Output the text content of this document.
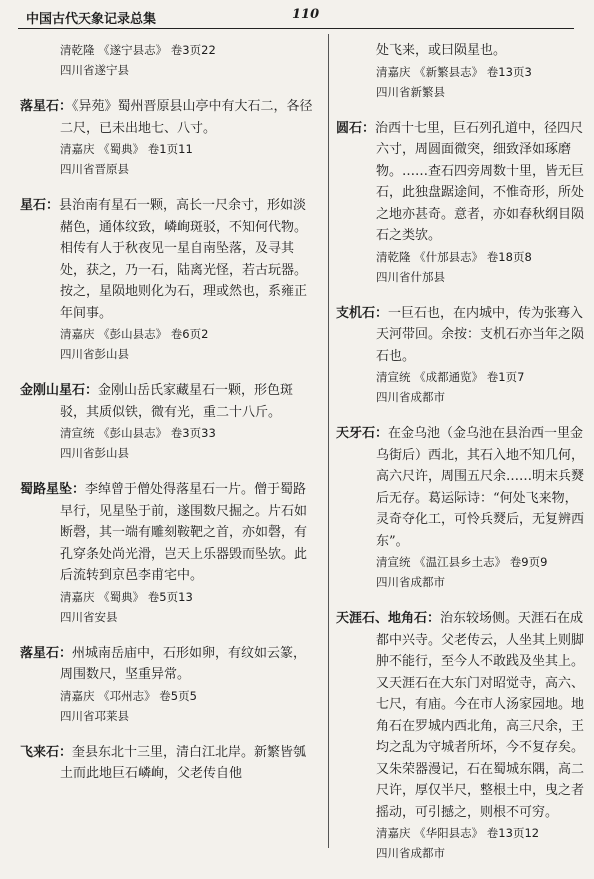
中国古代天象记录总集	110

清乾隆 《遂宁县志》 卷3页22

四川省遂宁县

落星石：《异苑》蜀州晋原县山亭中有大石二，各径二尺，已未出地七、八寸。

清嘉庆 《蜀典》 卷1页11

四川省晋原县

星石：县治南有星石一颗，高长一尺余寸，形如淡赭色，通体纹致，嶙峋斑驳，不知何代物。相传有人于秋夜见一星自南坠落，及寻其处，获之，乃一石，陆离光怪，若古玩器。按之，星陨地则化为石，理或然也，系雍正年间事。

清嘉庆 《彭山县志》 卷6页2

四川省彭山县

金刚山星石：金刚山岳氏家藏星石一颗，形色斑驳，其质似铁，微有光，重二十八斤。

清宣统 《彭山县志》 卷3页33

四川省彭山县

蜀路星坠：李绰曾于僧处得落星石一片。僧于蜀路早行，见星坠于前，遂围数尺掘之。片石如断磬，其一端有雕刻鞍靶之首，亦如磬，有孔穿条处尚光滑，岂天上乐器毁而坠欤。此后流转到京邑李甫宅中。

清嘉庆 《蜀典》 卷5页13

四川省安县

落星石：州城南岳庙中，石形如卵，有纹如云篆，周围数尺，坚重异常。

清嘉庆 《邛州志》 卷5页5

四川省邛莱县

飞来石：奎县东北十三里，清白江北岸。新繁皆瓠土而此地巨石嶙峋，父老传自他

处飞来，或曰陨星也。

清嘉庆 《新繁县志》 卷13页3

四川省新繁县

圆石：治西十七里，巨石列孔道中，径四尺六寸，周圆面微突，细致泽如琢磨物。……查石四旁周数十里，皆无巨石，此独盘踞途间，不惟奇形，所处之地亦甚奇。意者，亦如春秋纲目陨石之类欤。

清乾隆 《什邡县志》 卷18页8

四川省什邡县

支机石：一巨石也，在内城中，传为张骞入天河带回。余按：支机石亦当年之陨石也。

清宣统 《成都通览》 卷1页7

四川省成都市

天牙石：在金乌池（金乌池在县治西一里金乌街后）西北，其石入地不知几何，高六尺许，周围五尺余……明末兵燹后无存。葛运际诗：“何处飞来物，灵奇夺化工，可怜兵燹后，无复辨西东”。

清宣统 《温江县乡土志》 卷9页9

四川省成都市

天涯石、地角石：治东较场侧。天涯石在成都中兴寺。父老传云，人坐其上则脚肿不能行，至今人不敢践及坐其上。又天涯石在大东门对昭觉寺，高六、七尺，有庙。今在市人汤家园地。地角石在罗城内西北角，高三尺余，王均之乱为守城者所坏，今不复存矣。又朱荣器漫记，石在蜀城东隅，高二尺许，厚仅半尺，整根土中，曳之者摇动，可引撼之，则根不可穷。

清嘉庆 《华阳县志》 卷13页12

四川省成都市
